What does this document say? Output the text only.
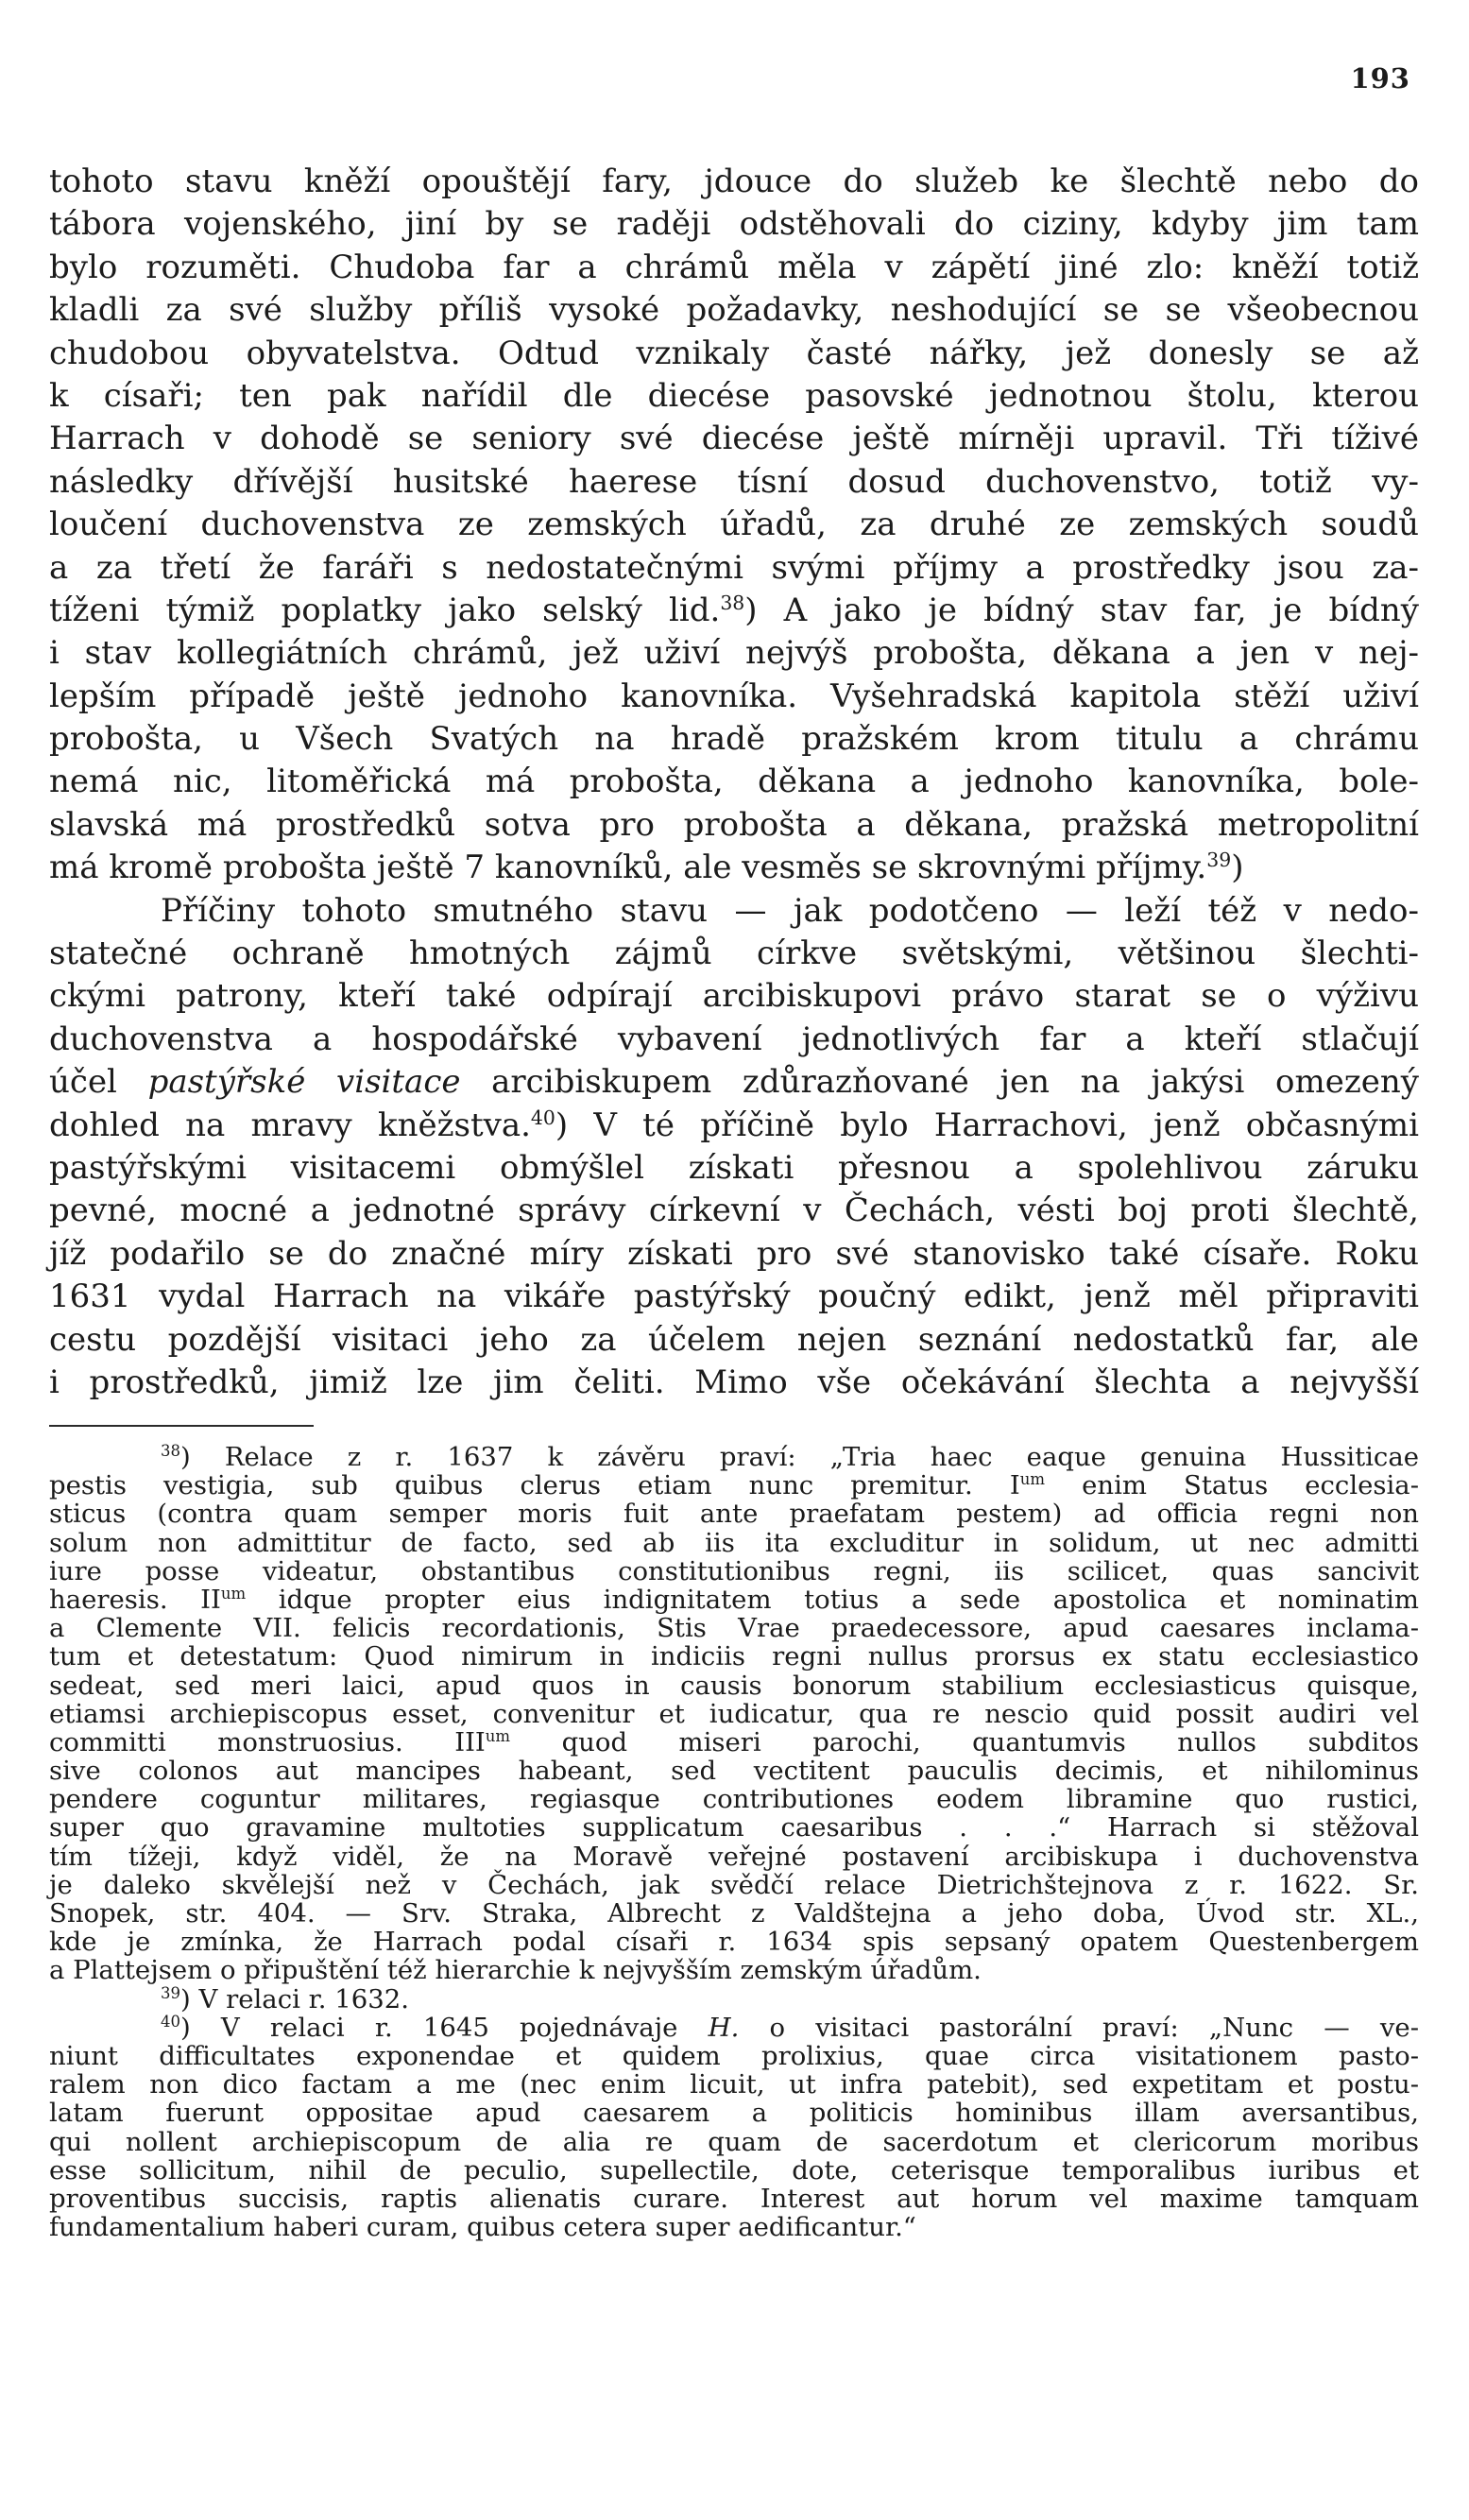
193
tohoto stavu kněží opouštějí fary, jdouce do služeb ke šlechtě nebo do
tábora vojenského, jiní by se raději odstěhovali do ciziny, kdyby jim tam
bylo rozuměti. Chudoba far a chrámů měla v zápětí jiné zlo: kněží totiž
kladli za své služby příliš vysoké požadavky, neshodující se se všeobecnou
chudobou obyvatelstva. Odtud vznikaly časté nářky, jež donesly se až
k císaři; ten pak nařídil dle diecése pasovské jednotnou štolu, kterou
Harrach v dohodě se seniory své diecése ještě mírněji upravil. Tři tíživé
následky dřívější husitské haerese tísní dosud duchovenstvo, totiž vy-
loučení duchovenstva ze zemských úřadů, za druhé ze zemských soudů
a za třetí že faráři s nedostatečnými svými příjmy a prostředky jsou za-
tíženi týmiž poplatky jako selský lid.$^{38}$) A jako je bídný stav far, je bídný
i stav kollegiátních chrámů, jež uživí nejvýš probošta, děkana a jen v nej-
lepším případě ještě jednoho kanovníka. Vyšehradská kapitola stěží uživí
probošta, u Všech Svatých na hradě pražském krom titulu a chrámu
nemá nic, litoměřická má probošta, děkana a jednoho kanovníka, bole-
slavská má prostředků sotva pro probošta a děkana, pražská metropolitní
má kromě probošta ještě 7 kanovníků, ale vesměs se skrovnými příjmy.$^{39}$)
Příčiny tohoto smutného stavu — jak podotčeno — leží též v nedo-
statečné ochraně hmotných zájmů církve světskými, většinou šlechti-
ckými patrony, kteří také odpírají arcibiskupovi právo starat se o výživu
duchovenstva a hospodářské vybavení jednotlivých far a kteří stlačují
účel pastýřské visitace arcibiskupem zdůrazňované jen na jakýsi omezený
dohled na mravy kněžstva.$^{40}$) V té příčině bylo Harrachovi, jenž občasnými
pastýřskými visitacemi obmýšlel získati přesnou a spolehlivou záruku
pevné, mocné a jednotné správy církevní v Čechách, vésti boj proti šlechtě,
jíž podařilo se do značné míry získati pro své stanovisko také císaře. Roku
1631 vydal Harrach na vikáře pastýřský poučný edikt, jenž měl připraviti
cestu pozdější visitaci jeho za účelem nejen seznání nedostatků far, ale
i prostředků, jimiž lze jim čeliti. Mimo vše očekávání šlechta a nejvyšší
$^{38}$) Relace z r. 1637 k závěru praví: „Tria haec eaque genuina Hussiticae
pestis vestigia, sub quibus clerus etiam nunc premitur. $I^{um}$ enim Status ecclesia-
sticus (contra quam semper moris fuit ante praefatam pestem) ad officia regni non
solum non admittitur de facto, sed ab iis ita excluditur in solidum, ut nec admitti
iure posse videatur, obstantibus constitutionibus regni, iis scilicet, quas sancivit
haeresis. $II^{um}$ idque propter eius indignitatem totius a sede apostolica et nominatim
a Clemente VII. felicis recordationis, Stis Vrae praedecessore, apud caesares inclama-
tum et detestatum: Quod nimirum in indiciis regni nullus prorsus ex statu ecclesiastico
sedeat, sed meri laici, apud quos in causis bonorum stabilium ecclesiasticus quisque,
etiamsi archiepiscopus esset, convenitur et iudicatur, qua re nescio quid possit audiri vel
committi monstruosius. $III^{um}$ quod miseri parochi, quantumvis nullos subditos
sive colonos aut mancipes habeant, sed vectitent pauculis decimis, et nihilominus
pendere coguntur militares, regiasque contributiones eodem libramine quo rustici,
super quo gravamine multoties supplicatum caesaribus . . .“ Harrach si stěžoval
tím tížeji, když viděl, že na Moravě veřejné postavení arcibiskupa i duchovenstva
je daleko skvělejší než v Čechách, jak svědčí relace Dietrichštejnova z r. 1622. Sr.
Snopek, str. 404. — Srv. Straka, Albrecht z Valdštejna a jeho doba, Úvod str. XL.,
kde je zmínka, že Harrach podal císaři r. 1634 spis sepsaný opatem Questenbergem
a Plattejsem o připuštění též hierarchie k nejvyšším zemským úřadům.
$^{39}$) V relaci r. 1632.
$^{40}$) V relaci r. 1645 pojednávaje H. o visitaci pastorální praví: „Nunc — ve-
niunt difficultates exponendae et quidem prolixius, quae circa visitationem pasto-
ralem non dico factam a me (nec enim licuit, ut infra patebit), sed expetitam et postu-
latam fuerunt oppositae apud caesarem a politicis hominibus illam aversantibus,
qui nollent archiepiscopum de alia re quam de sacerdotum et clericorum moribus
esse sollicitum, nihil de peculio, supellectile, dote, ceterisque temporalibus iuribus et
proventibus succisis, raptis alienatis curare. Interest aut horum vel maxime tamquam
fundamentalium haberi curam, quibus cetera super aedificantur.“
